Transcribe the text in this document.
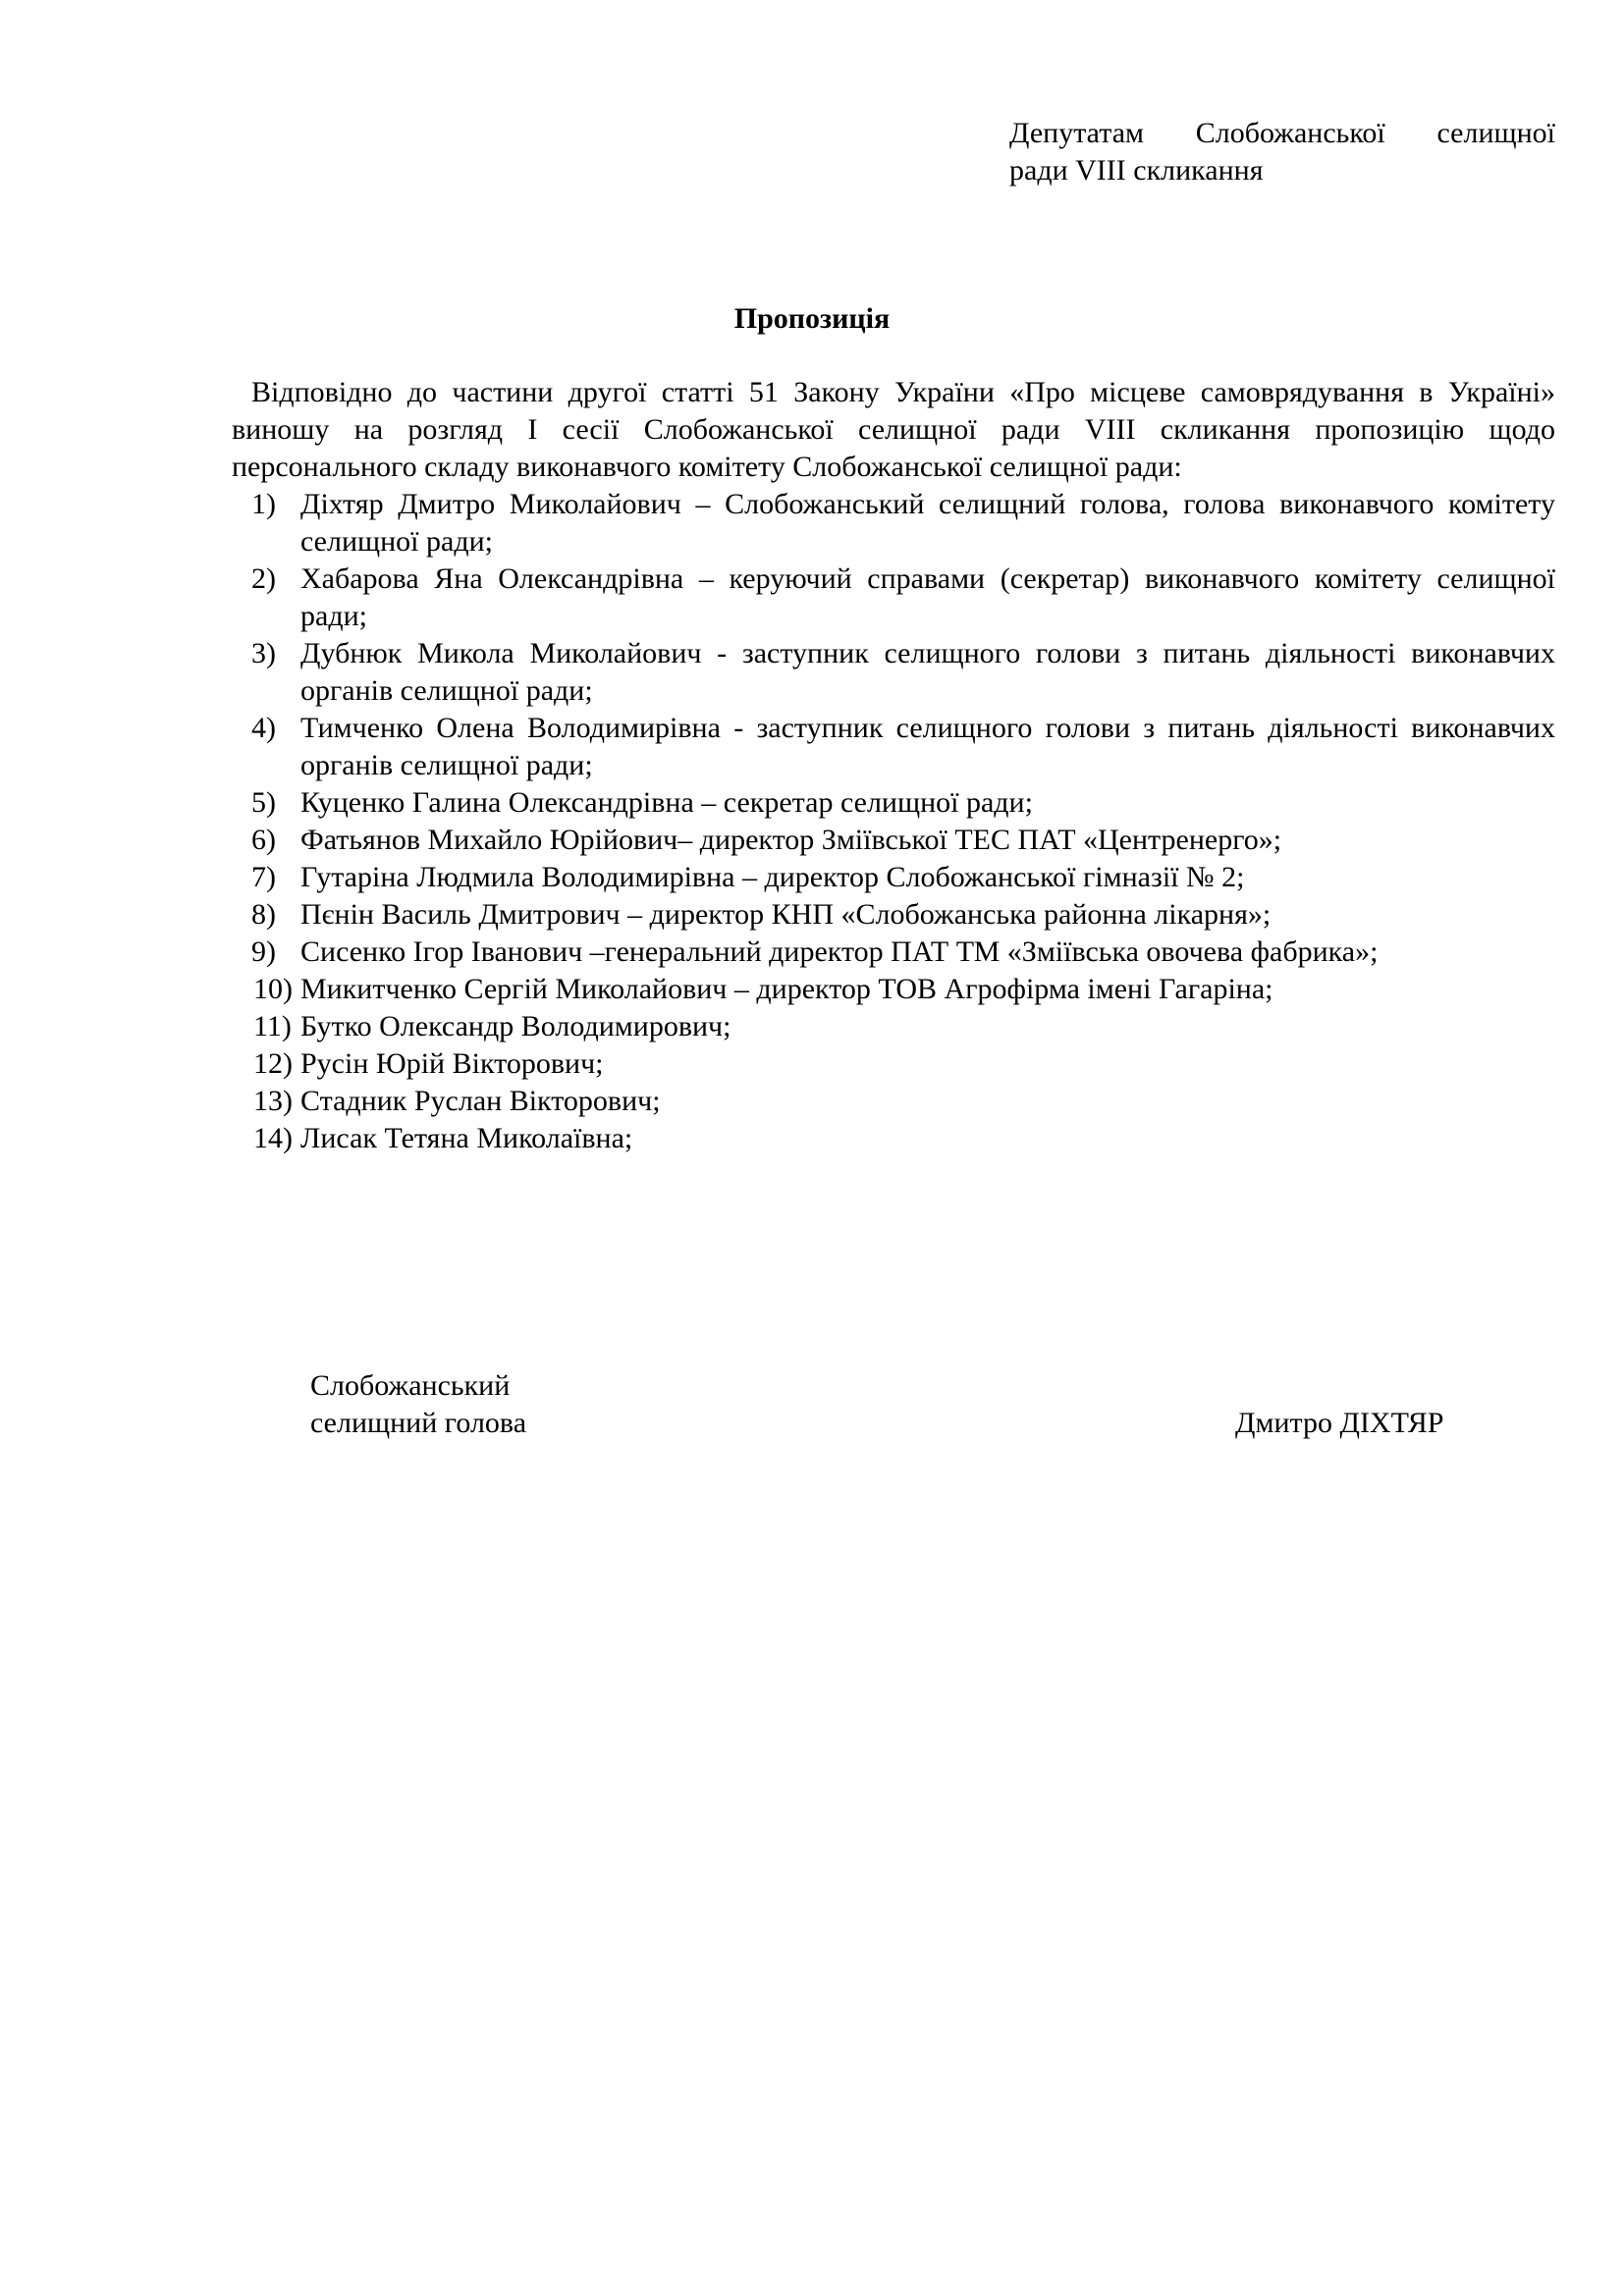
Депутатам Слобожанської селищної
ради VIII скликання
Пропозиція
Відповідно до частини другої статті 51 Закону України «Про місцеве самоврядування в Україні» виношу на розгляд І сесії Слобожанської селищної ради VIII скликання пропозицію щодо персонального складу виконавчого комітету Слобожанської селищної ради:
1) Діхтяр Дмитро Миколайович – Слобожанський селищний голова, голова виконавчого комітету селищної ради;
2) Хабарова Яна Олександрівна – керуючий справами (секретар) виконавчого комітету селищної ради;
3) Дубнюк Микола Миколайович - заступник селищного голови з питань діяльності виконавчих органів селищної ради;
4) Тимченко Олена Володимирівна - заступник селищного голови з питань діяльності виконавчих органів селищної ради;
5) Куценко Галина Олександрівна – секретар селищної ради;
6) Фатьянов Михайло Юрійович– директор Зміївської ТЕС ПАТ «Центренерго»;
7) Гутаріна Людмила Володимирівна – директор Слобожанської гімназії № 2;
8) Пєнін Василь Дмитрович – директор КНП «Слобожанська районна лікарня»;
9) Сисенко Ігор Іванович –генеральний директор ПАТ ТМ «Зміївська овочева фабрика»;
10) Микитченко Сергій Миколайович – директор ТОВ Агрофірма імені Гагаріна;
11) Бутко Олександр Володимирович;
12) Русін Юрій Вікторович;
13) Стадник Руслан Вікторович;
14) Лисак Тетяна Миколаївна;
Слобожанський
селищний голова	Дмитро ДІХТЯР
